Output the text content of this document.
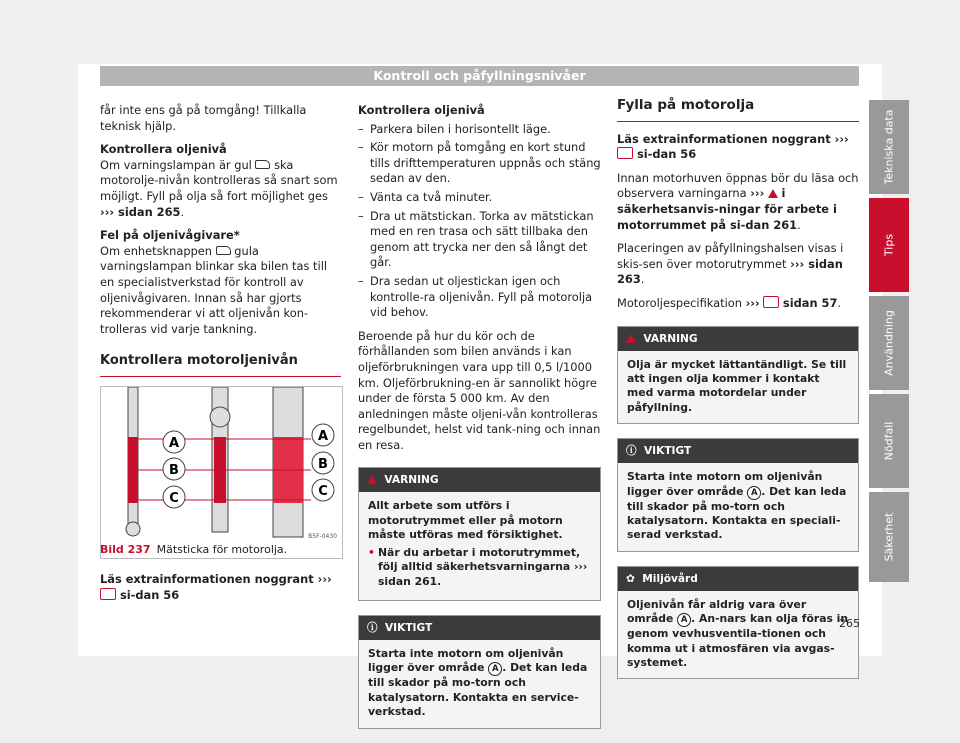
Kontroll och påfyllningsnivåer

får inte ens gå på tomgång! Tillkalla teknisk hjälp.

Kontrollera oljenivå

Om varningslampan är gul ska motorolje-nivån kontrolleras så snart som möjligt. Fyll på olja så fort möjlighet ges ››› sidan 265.

Fel på oljenivågivare*

Om enhetsknappen gula varningslampan blinkar ska bilen tas till en specialistverkstad för kontroll av oljenivågivaren. Innan så har gjorts rekommenderar vi att oljenivån kon-trolleras vid varje tankning.

Kontrollera motoroljenivån
A
B
C
A
B
C
B5F-0430
Bild 237 Mätsticka för motorolja.
Läs extrainformationen noggrant ›››  si-dan 56

Kontrollera oljenivå

– Parkera bilen i horisontellt läge.
– Kör motorn på tomgång en kort stund tills drifttemperaturen uppnås och stäng sedan av den.
– Vänta ca två minuter.
– Dra ut mätstickan. Torka av mätstickan med en ren trasa och sätt tillbaka den genom att trycka ner den så långt det går.
– Dra sedan ut oljestickan igen och kontrolle-ra oljenivån. Fyll på motorolja vid behov.

Beroende på hur du kör och de förhållanden som bilen används i kan oljeförbrukningen vara upp till 0,5 l/1000 km. Oljeförbrukning-en är sannolikt högre under de första 5 000 km. Av den anledningen måste oljeni-vån kontrolleras regelbundet, helst vid tank-ning och innan en resa.

VARNING

Allt arbete som utförs i motorutrymmet eller på motorn måste utföras med försiktighet.

• När du arbetar i motorutrymmet, följ alltid säkerhetsvarningarna ››› sidan 261.

ⓘ  VIKTIGT
Starta inte motorn om oljenivån ligger över område A . Det kan leda till skador på mo-torn och katalysatorn. Kontakta en service-verkstad.
Fylla på motorolja

Läs extrainformationen noggrant ›››  si-dan 56

Innan motorhuven öppnas bör du läsa och observera varningarna ››› i säkerhetsanvis-ningar för arbete i motorrummet på si-dan 261.

Placeringen av påfyllningshalsen visas i skis-sen över motorutrymmet ››› sidan 263.

Motoroljespecifikation ››› sidan 57.

VARNING
Olja är mycket lättantändligt. Se till att ingen olja kommer i kontakt med varma motordelar under påfyllning.
ⓘ  VIKTIGT
Starta inte motorn om oljenivån ligger över område A . Det kan leda till skador på mo-torn och katalysatorn. Kontakta en speciali-serad verkstad.
✿  Miljövård
Oljenivån får aldrig vara över område A . An-nars kan olja föras in genom vevhusventila-tionen och komma ut i atmosfären via avgas-systemet.
Tekniska data
Tips
Användning
Nödfall
Säkerhet
265
